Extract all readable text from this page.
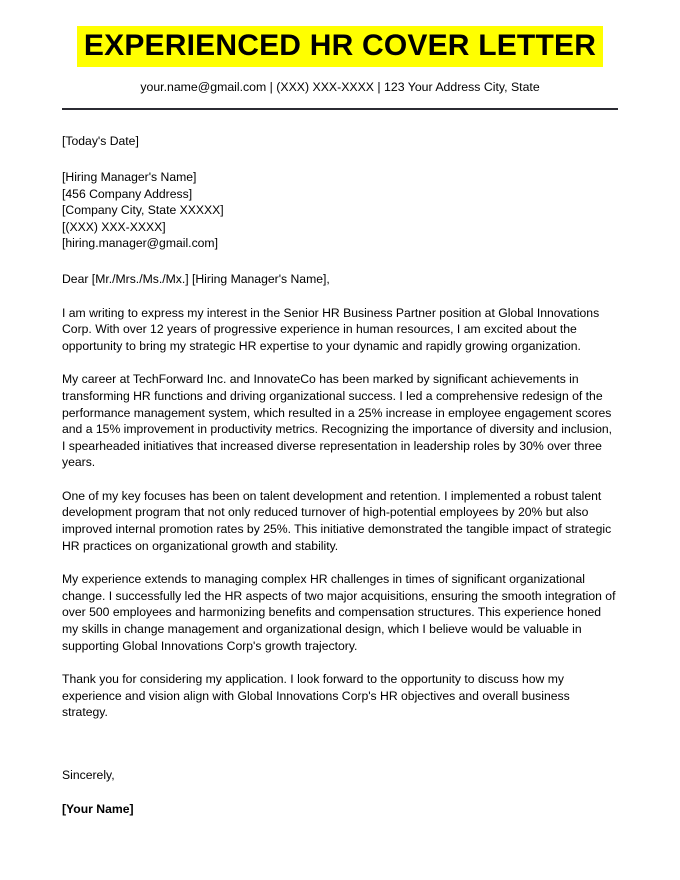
EXPERIENCED HR COVER LETTER
your.name@gmail.com | (XXX) XXX-XXXX | 123 Your Address City, State

[Today's Date]

[Hiring Manager's Name]

[456 Company Address]

[Company City, State XXXXX]

[(XXX) XXX-XXXX]

[hiring.manager@gmail.com]

Dear [Mr./Mrs./Ms./Mx.] [Hiring Manager's Name],

I am writing to express my interest in the Senior HR Business Partner position at Global Innovations Corp. With over 12 years of progressive experience in human resources, I am excited about the opportunity to bring my strategic HR expertise to your dynamic and rapidly growing organization.

My career at TechForward Inc. and InnovateCo has been marked by significant achievements in transforming HR functions and driving organizational success. I led a comprehensive redesign of the performance management system, which resulted in a 25% increase in employee engagement scores and a 15% improvement in productivity metrics. Recognizing the importance of diversity and inclusion, I spearheaded initiatives that increased diverse representation in leadership roles by 30% over three years.

One of my key focuses has been on talent development and retention. I implemented a robust talent development program that not only reduced turnover of high-potential employees by 20% but also improved internal promotion rates by 25%. This initiative demonstrated the tangible impact of strategic HR practices on organizational growth and stability.

My experience extends to managing complex HR challenges in times of significant organizational change. I successfully led the HR aspects of two major acquisitions, ensuring the smooth integration of over 500 employees and harmonizing benefits and compensation structures. This experience honed my skills in change management and organizational design, which I believe would be valuable in supporting Global Innovations Corp's growth trajectory.

Thank you for considering my application. I look forward to the opportunity to discuss how my experience and vision align with Global Innovations Corp's HR objectives and overall business strategy.

Sincerely,

[Your Name]
